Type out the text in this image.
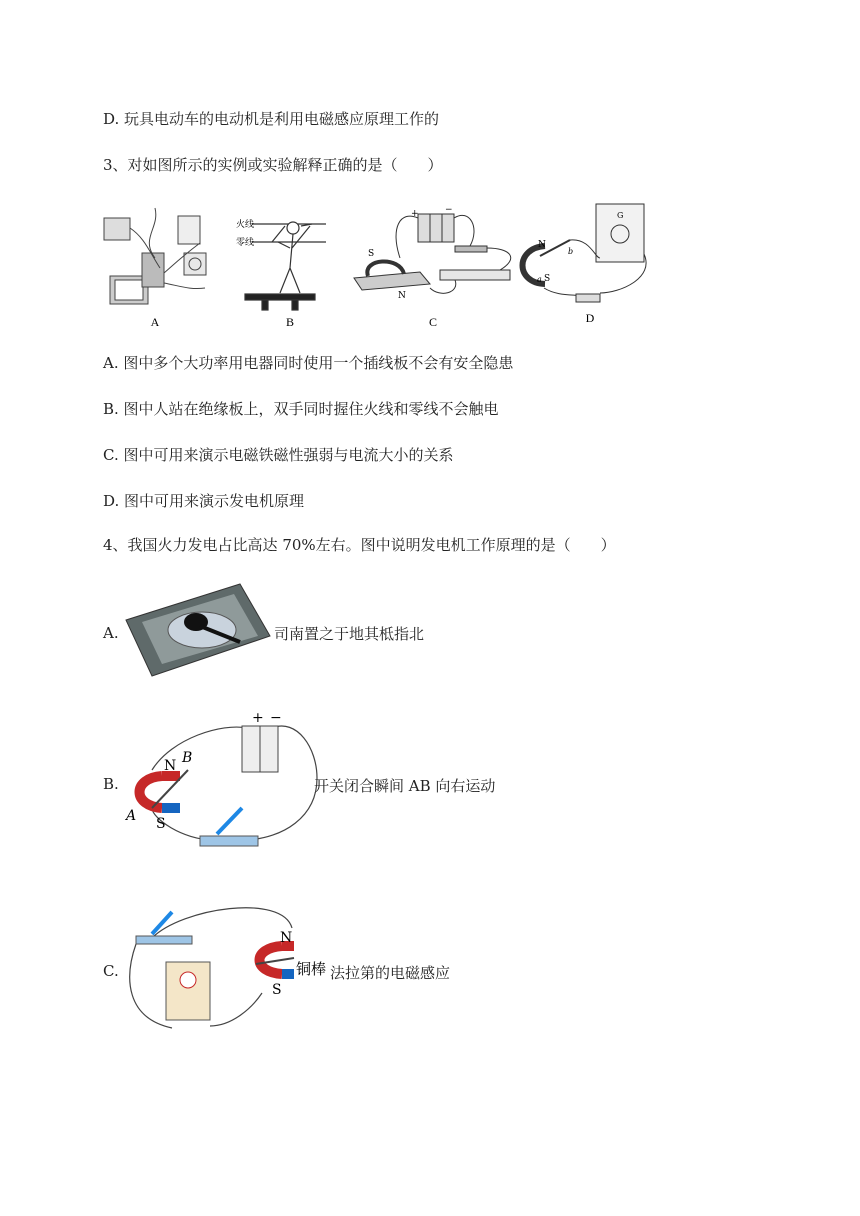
D. 玩具电动车的电动机是利用电磁感应原理工作的
3、对如图所示的实例或实验解释正确的是（　　）
A
火线
零线
B
+	−
S
N
C
N
S
a
b
G
D
A. 图中多个大功率用电器同时使用一个插线板不会有安全隐患
B. 图中人站在绝缘板上，双手同时握住火线和零线不会触电
C. 图中可用来演示电磁铁磁性强弱与电流大小的关系
D. 图中可用来演示发电机原理
4、我国火力发电占比高达 70%左右。图中说明发电机工作原理的是（　　）
A.	司南置之于地其柢指北
B.
+ −
N B
S
A
开关闭合瞬间 AB 向右运动
C.
N
S
铜棒 法拉第的电磁感应
